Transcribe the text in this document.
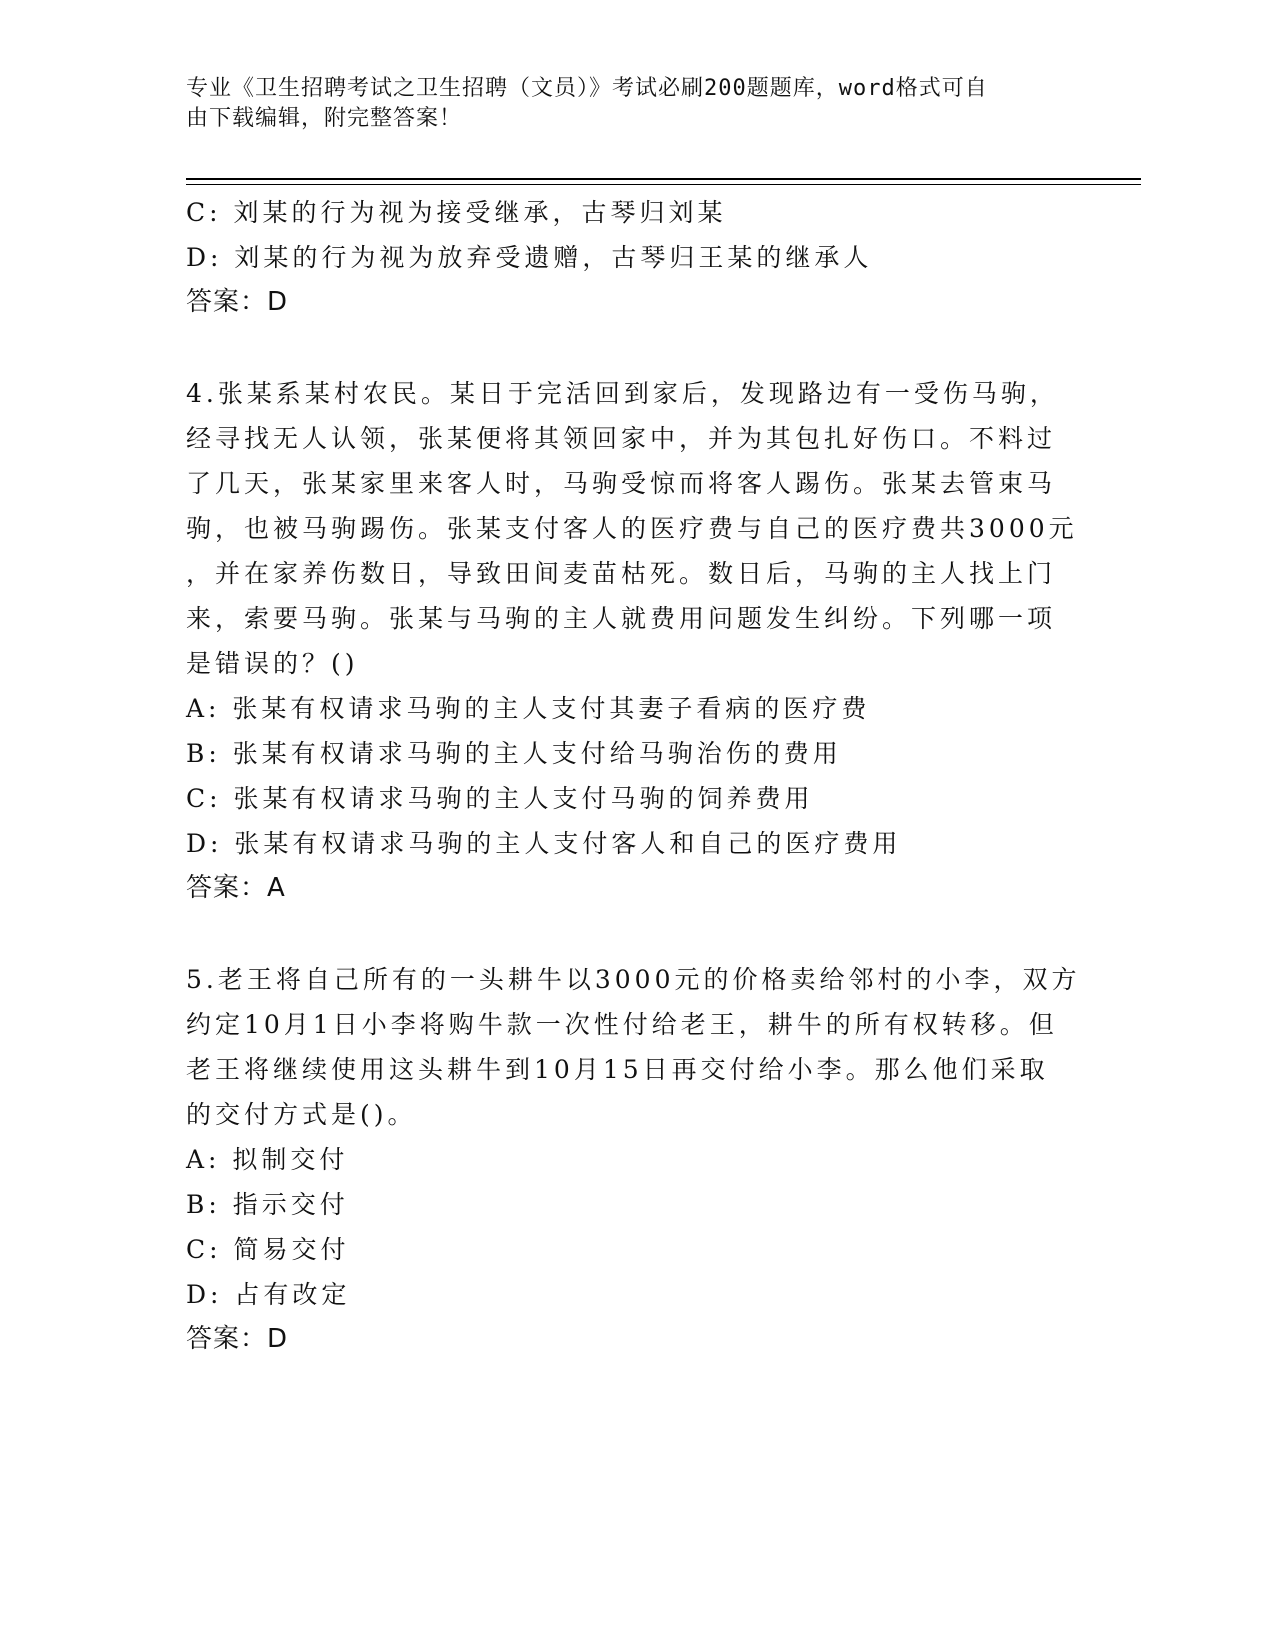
专业《卫生招聘考试之卫生招聘（文员）》考试必刷200题题库，word格式可自
由下载编辑，附完整答案！
C: 刘某的行为视为接受继承，古琴归刘某
D: 刘某的行为视为放弃受遗赠，古琴归王某的继承人
答案：D
4.张某系某村农民。某日于完活回到家后，发现路边有一受伤马驹，
经寻找无人认领，张某便将其领回家中，并为其包扎好伤口。不料过
了几天，张某家里来客人时，马驹受惊而将客人踢伤。张某去管束马
驹，也被马驹踢伤。张某支付客人的医疗费与自己的医疗费共3000元
，并在家养伤数日，导致田间麦苗枯死。数日后，马驹的主人找上门
来，索要马驹。张某与马驹的主人就费用问题发生纠纷。下列哪一项
是错误的？()
A: 张某有权请求马驹的主人支付其妻子看病的医疗费
B: 张某有权请求马驹的主人支付给马驹治伤的费用
C: 张某有权请求马驹的主人支付马驹的饲养费用
D: 张某有权请求马驹的主人支付客人和自己的医疗费用
答案：A
5.老王将自己所有的一头耕牛以3000元的价格卖给邻村的小李，双方
约定10月1日小李将购牛款一次性付给老王，耕牛的所有权转移。但
老王将继续使用这头耕牛到10月15日再交付给小李。那么他们采取
的交付方式是()。
A: 拟制交付
B: 指示交付
C: 简易交付
D: 占有改定
答案：D
